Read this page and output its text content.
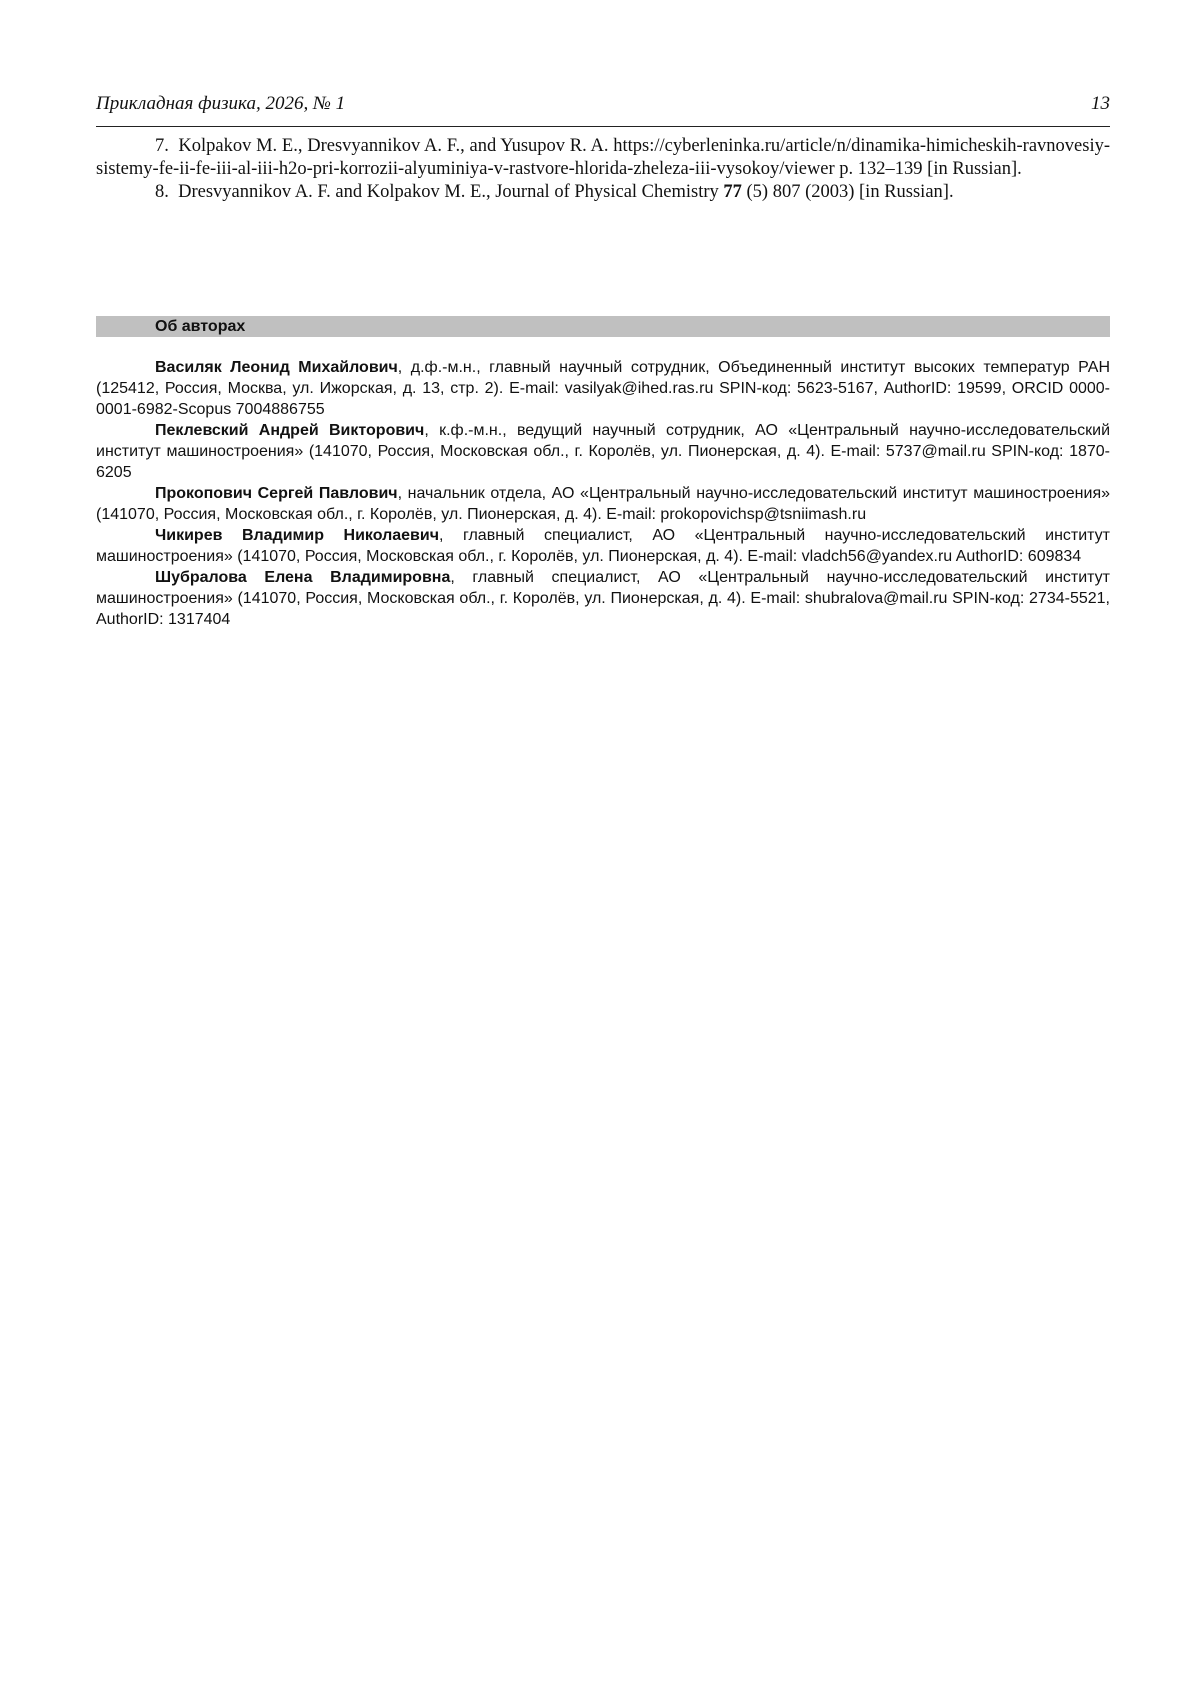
Прикладная физика, 2026, № 1	13
7. Kolpakov M. E., Dresvyannikov A. F., and Yusupov R. A. https://cyberleninka.ru/article/n/dinamika-himicheskih-ravnovesiy-sistemy-fe-ii-fe-iii-al-iii-h2o-pri-korrozii-alyuminiya-v-rastvore-hlorida-zheleza-iii-vysokoy/viewer p. 132–139 [in Russian].
8. Dresvyannikov A. F. and Kolpakov M. E., Journal of Physical Chemistry 77 (5) 807 (2003) [in Russian].
Об авторах

Василяк Леонид Михайлович, д.ф.-м.н., главный научный сотрудник, Объединенный институт высоких температур РАН (125412, Россия, Москва, ул. Ижорская, д. 13, стр. 2). E-mail: vasilyak@ihed.ras.ru SPIN-код: 5623-5167, AuthorID: 19599, ORCID 0000-0001-6982-Scopus 7004886755

Пеклевский Андрей Викторович, к.ф.-м.н., ведущий научный сотрудник, АО «Центральный научно-исследовательский институт машиностроения» (141070, Россия, Московская обл., г. Королёв, ул. Пионерская, д. 4). E-mail: 5737@mail.ru SPIN-код: 1870-6205

Прокопович Сергей Павлович, начальник отдела, АО «Центральный научно-исследовательский институт машиностроения» (141070, Россия, Московская обл., г. Королёв, ул. Пионерская, д. 4). E-mail: prokopovichsp@tsniimash.ru

Чикирев Владимир Николаевич, главный специалист, АО «Центральный научно-исследовательский институт машиностроения» (141070, Россия, Московская обл., г. Королёв, ул. Пионерская, д. 4). E-mail: vladch56@yandex.ru AuthorID: 609834

Шубралова Елена Владимировна, главный специалист, АО «Центральный научно-исследовательский институт машиностроения» (141070, Россия, Московская обл., г. Королёв, ул. Пионерская, д. 4). E-mail: shubralova@mail.ru SPIN-код: 2734-5521, AuthorID: 1317404
